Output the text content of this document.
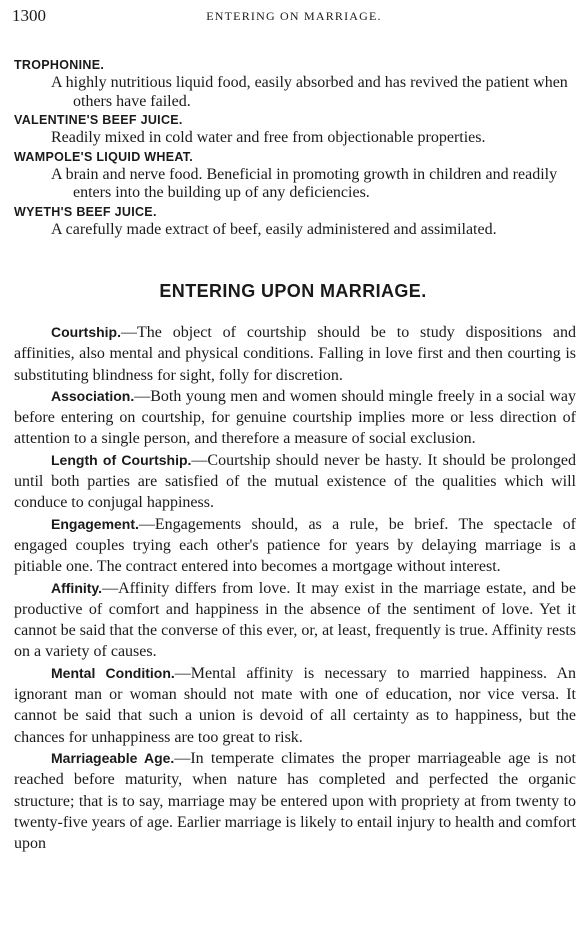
1300	ENTERING ON MARRIAGE.
TROPHONINE.
A highly nutritious liquid food, easily absorbed and has revived the patient when others have failed.
VALENTINE'S BEEF JUICE.
Readily mixed in cold water and free from objectionable properties.
WAMPOLE'S LIQUID WHEAT.
A brain and nerve food. Beneficial in promoting growth in children and readily enters into the building up of any deficiencies.
WYETH'S BEEF JUICE.
A carefully made extract of beef, easily administered and assimilated.
ENTERING UPON MARRIAGE.

Courtship.—The object of courtship should be to study dispositions and affinities, also mental and physical conditions. Falling in love first and then courting is substituting blindness for sight, folly for discretion.

Association.—Both young men and women should mingle freely in a social way before entering on courtship, for genuine courtship implies more or less direction of attention to a single person, and therefore a measure of social exclusion.

Length of Courtship.—Courtship should never be hasty. It should be prolonged until both parties are satisfied of the mutual existence of the qualities which will conduce to conjugal happiness.

Engagement.—Engagements should, as a rule, be brief. The spectacle of engaged couples trying each other's patience for years by delaying marriage is a pitiable one. The contract entered into becomes a mortgage without interest.

Affinity.—Affinity differs from love. It may exist in the marriage estate, and be productive of comfort and happiness in the absence of the sentiment of love. Yet it cannot be said that the converse of this ever, or, at least, frequently is true. Affinity rests on a variety of causes.

Mental Condition.—Mental affinity is necessary to married happiness. An ignorant man or woman should not mate with one of education, nor vice versa. It cannot be said that such a union is devoid of all certainty as to happiness, but the chances for unhappiness are too great to risk.

Marriageable Age.—In temperate climates the proper marriageable age is not reached before maturity, when nature has completed and perfected the organic structure; that is to say, marriage may be entered upon with propriety at from twenty to twenty-five years of age. Earlier marriage is likely to entail injury to health and comfort upon
